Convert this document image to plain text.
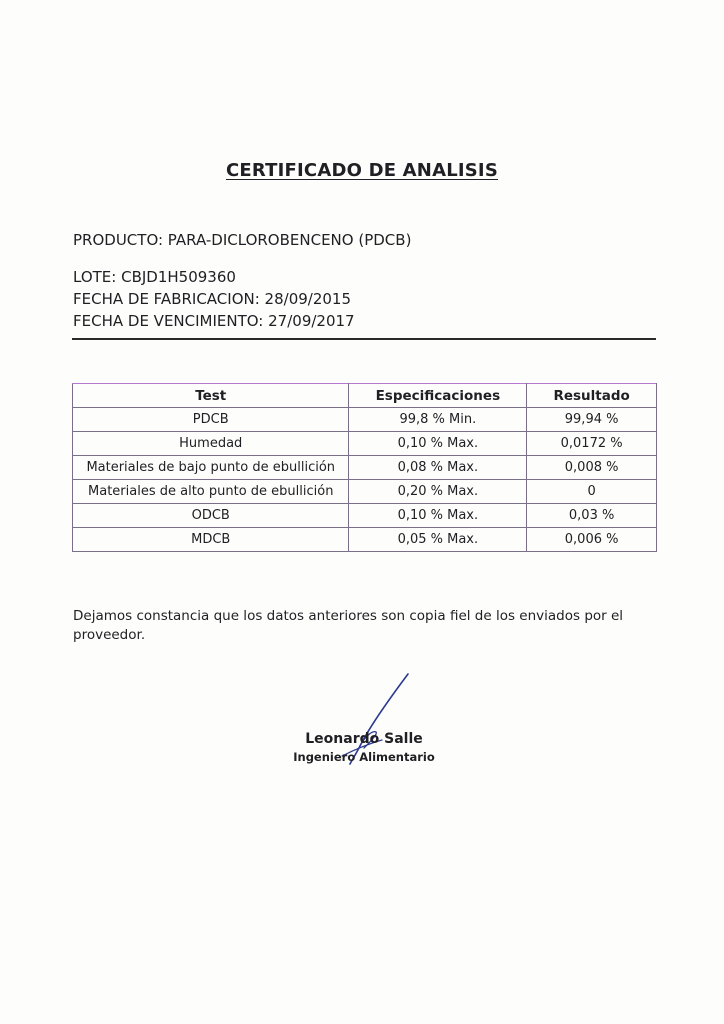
CERTIFICADO DE ANALISIS
PRODUCTO: PARA-DICLOROBENCENO (PDCB)
LOTE: CBJD1H509360
FECHA DE FABRICACION: 28/09/2015
FECHA DE VENCIMIENTO: 27/09/2017
Test	Especificaciones	Resultado
PDCB	99,8 % Min.	99,94 %
Humedad	0,10 % Max.	0,0172 %
Materiales de bajo punto de ebullición	0,08 % Max.	0,008 %
Materiales de alto punto de ebullición	0,20 % Max.	0
ODCB	0,10 % Max.	0,03 %
MDCB	0,05 % Max.	0,006 %
Dejamos constancia que los datos anteriores son copia fiel de los enviados por el proveedor.
Leonardo Salle
Ingeniero Alimentario
